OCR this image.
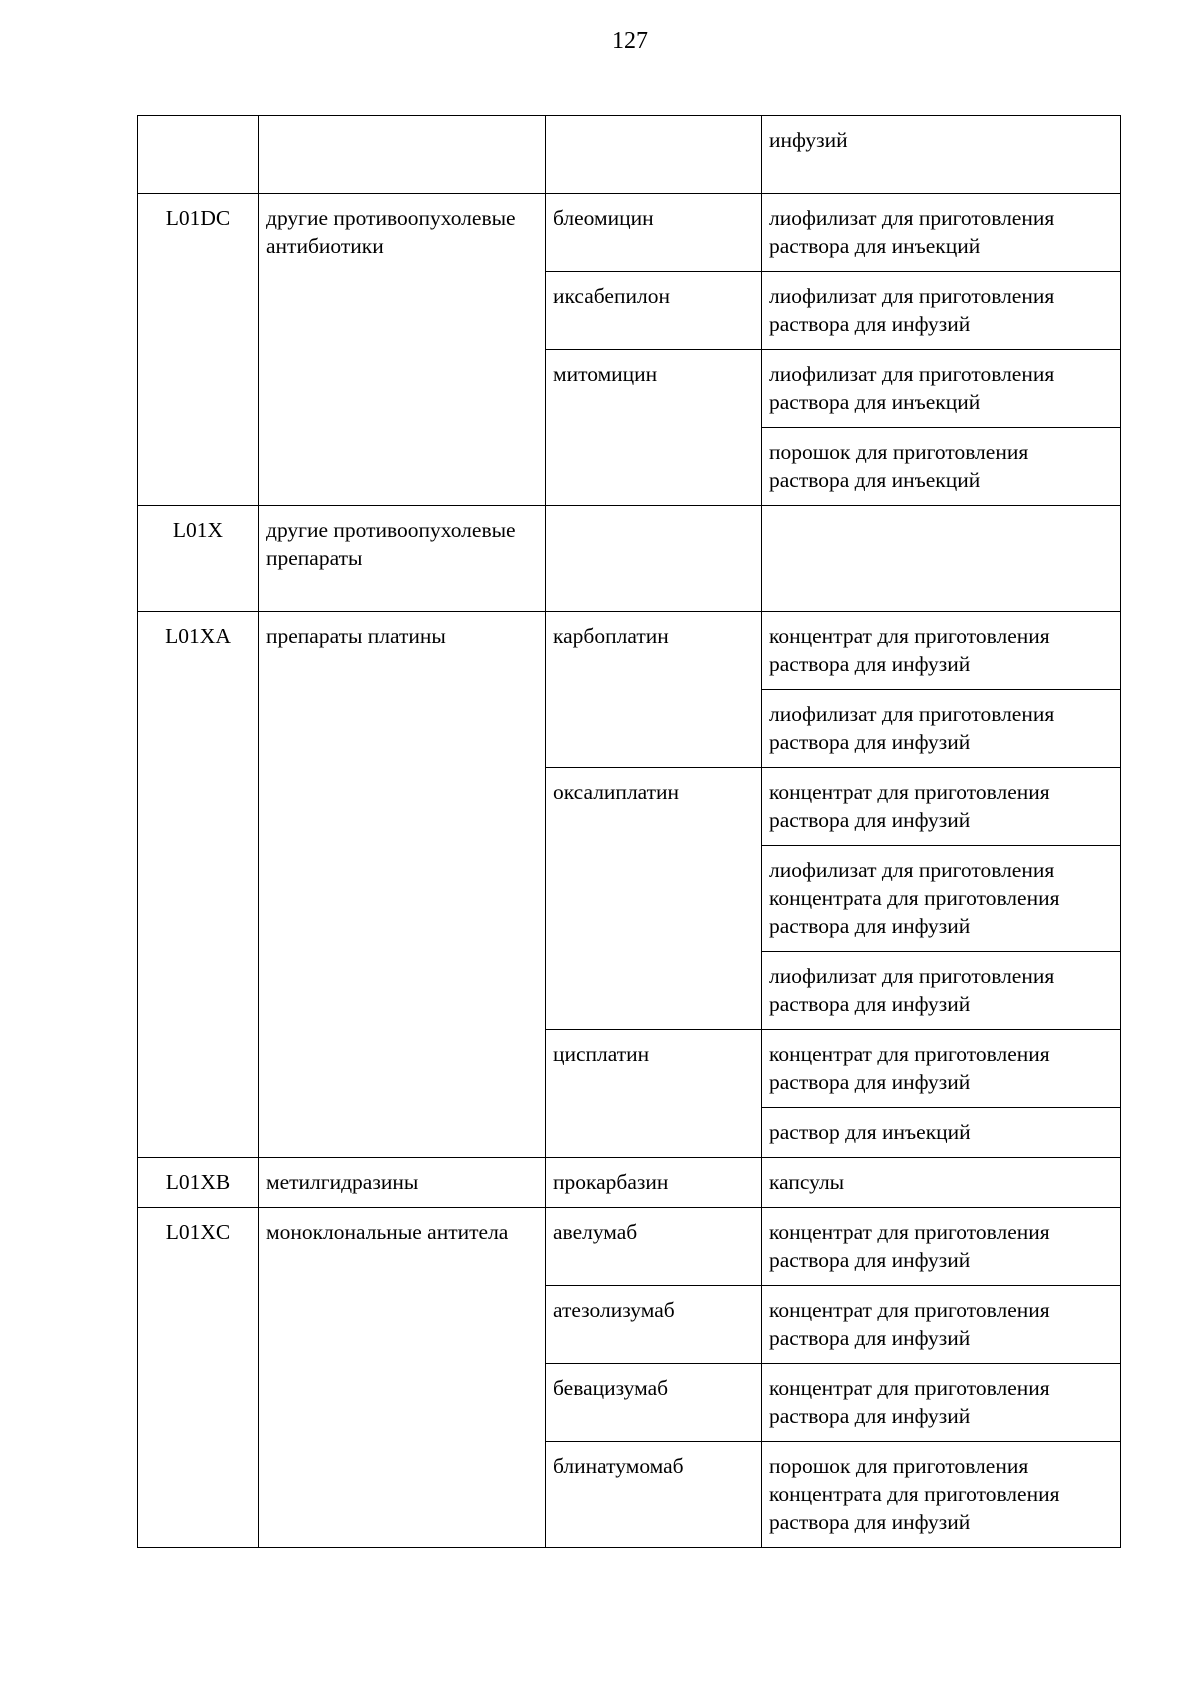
127
			инфузий
L01DC	другие противоопухолевые антибиотики	блеомицин	лиофилизат для приготовления раствора для инъекций
		иксабепилон	лиофилизат для приготовления раствора для инфузий
		митомицин	лиофилизат для приготовления раствора для инъекций
			порошок для приготовления раствора для инъекций
L01X	другие противоопухолевые препараты		
L01XA	препараты платины	карбоплатин	концентрат для приготовления раствора для инфузий
			лиофилизат для приготовления раствора для инфузий
		оксалиплатин	концентрат для приготовления раствора для инфузий
			лиофилизат для приготовления концентрата для приготовления раствора для инфузий
			лиофилизат для приготовления раствора для инфузий
		цисплатин	концентрат для приготовления раствора для инфузий
			раствор для инъекций
L01XB	метилгидразины	прокарбазин	капсулы
L01XC	моноклональные антитела	авелумаб	концентрат для приготовления раствора для инфузий
		атезолизумаб	концентрат для приготовления раствора для инфузий
		бевацизумаб	концентрат для приготовления раствора для инфузий
		блинатумомаб	порошок для приготовления концентрата для приготовления раствора для инфузий
